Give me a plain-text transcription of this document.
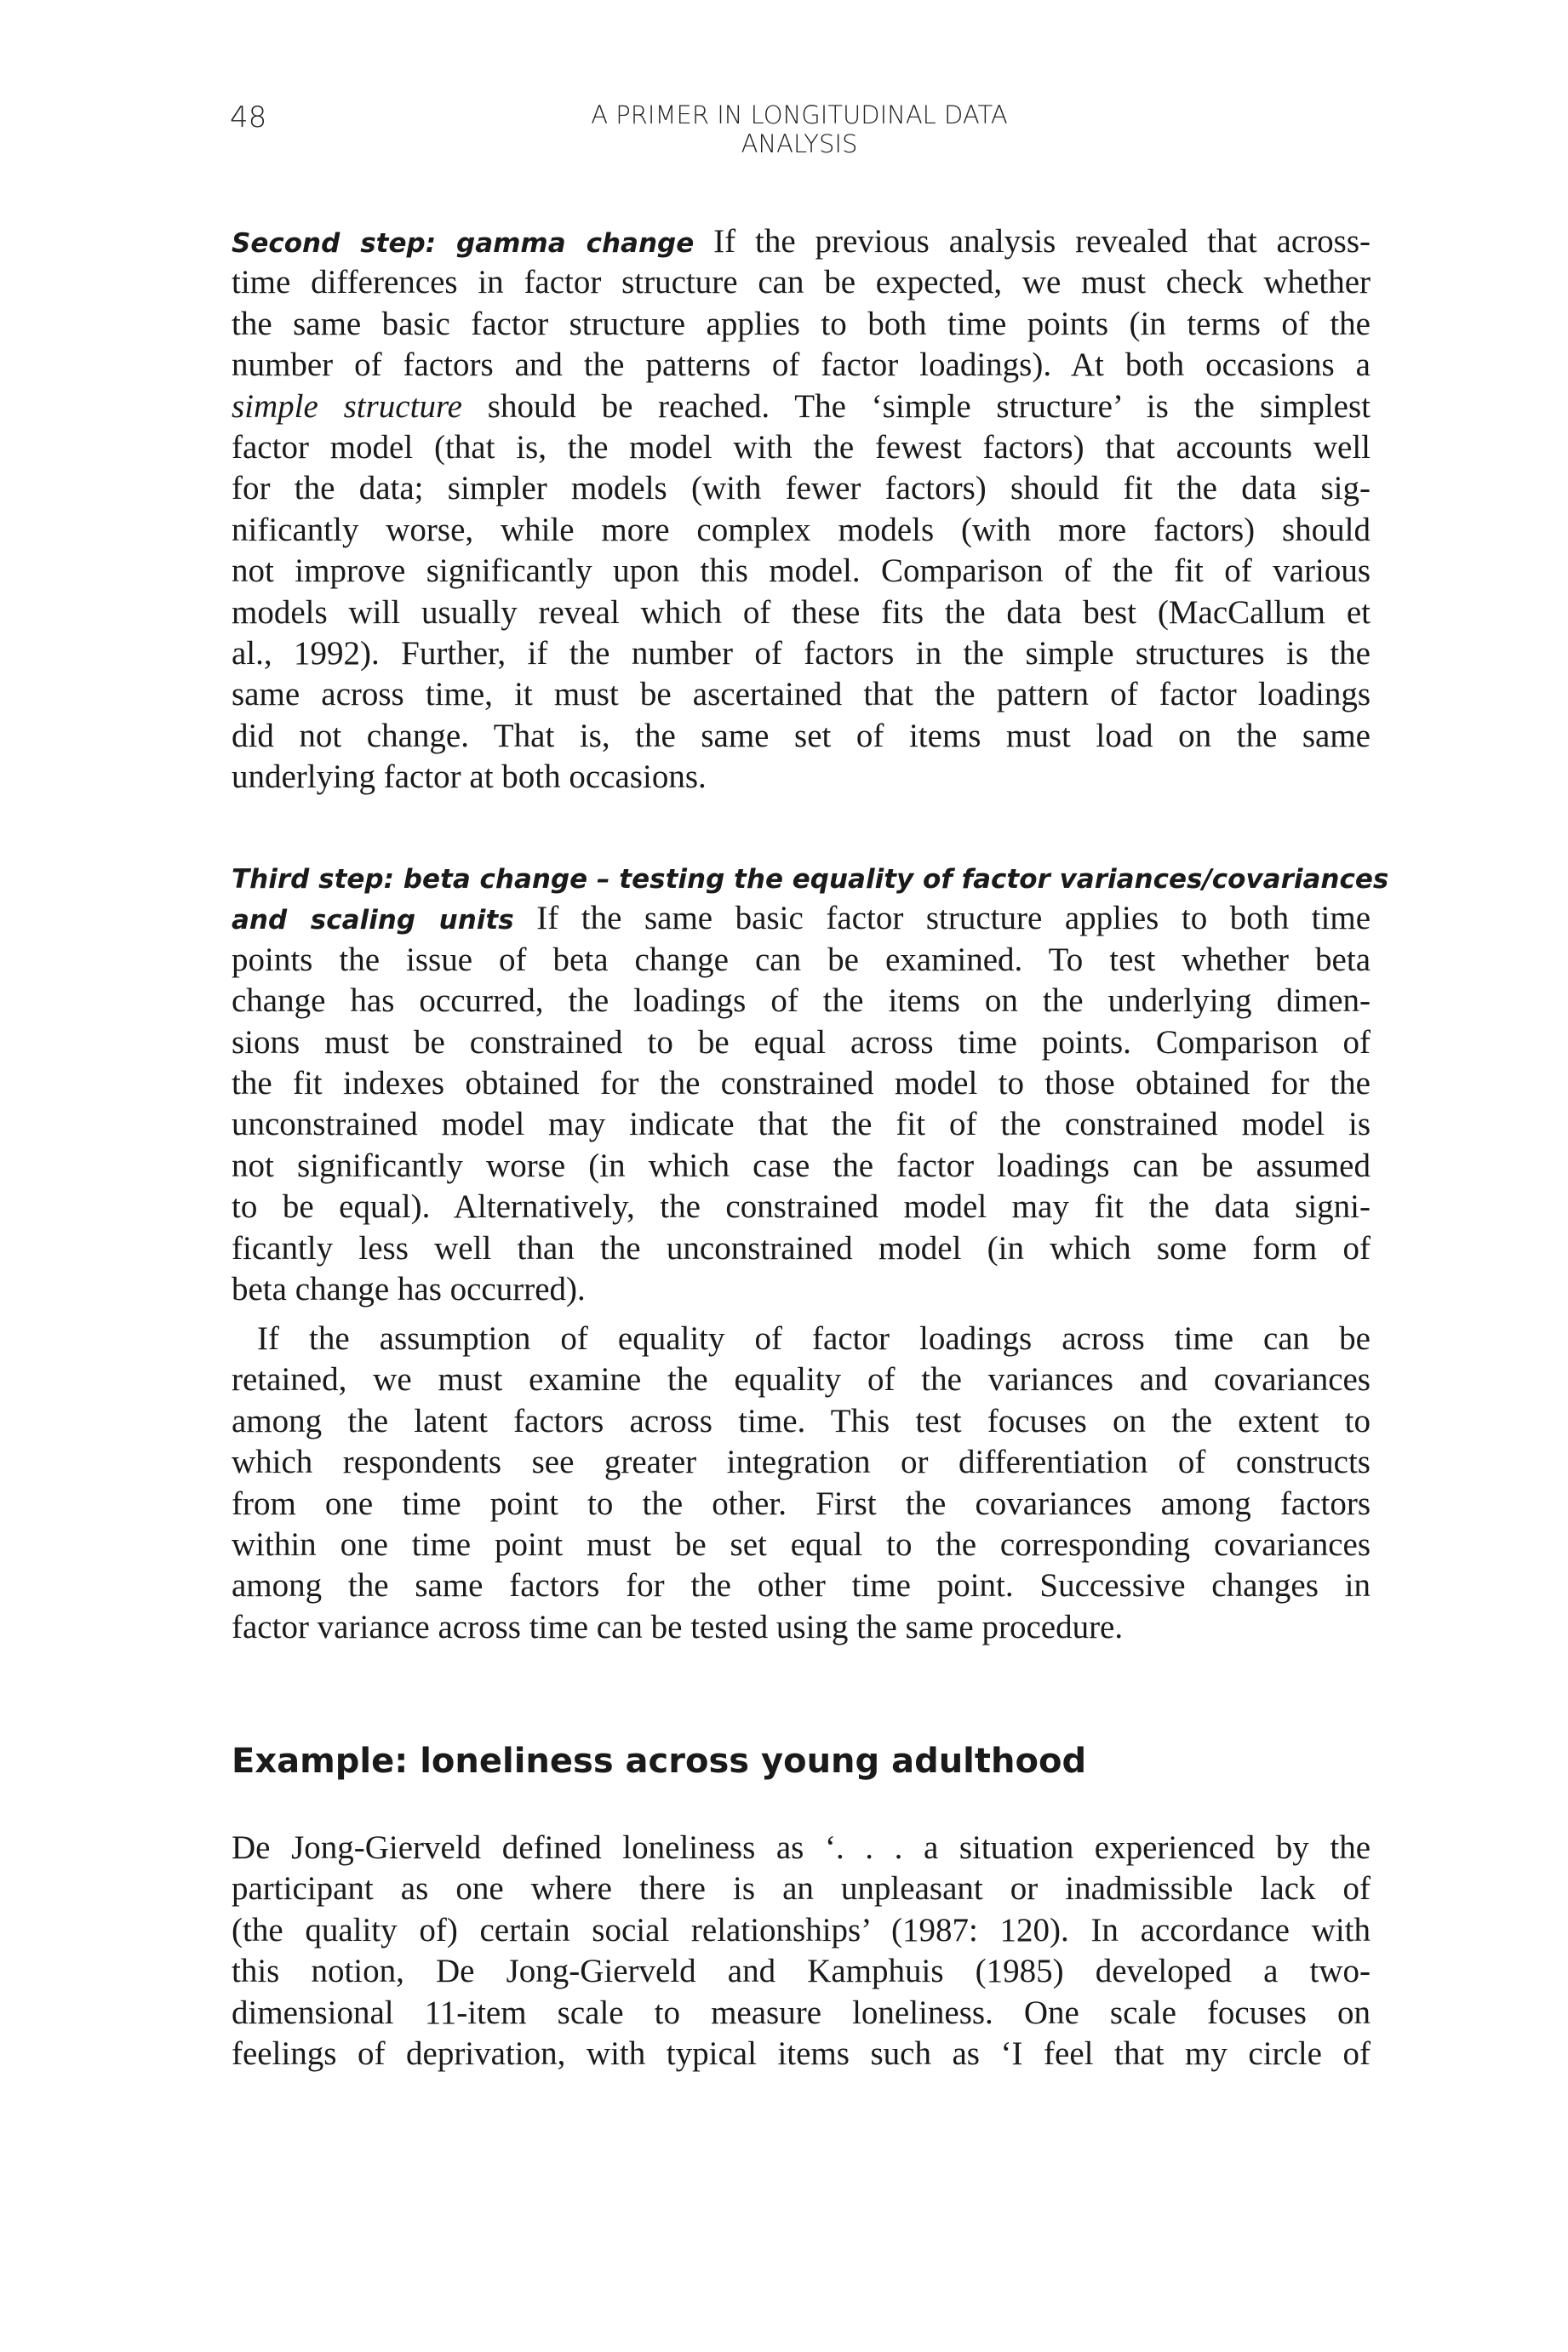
48	A PRIMER IN LONGITUDINAL DATA ANALYSIS
Second step: gamma change If the previous analysis revealed that across-
time differences in factor structure can be expected, we must check whether
the same basic factor structure applies to both time points (in terms of the
number of factors and the patterns of factor loadings). At both occasions a
simple structure should be reached. The ‘simple structure’ is the simplest
factor model (that is, the model with the fewest factors) that accounts well
for the data; simpler models (with fewer factors) should fit the data sig-
nificantly worse, while more complex models (with more factors) should
not improve significantly upon this model. Comparison of the fit of various
models will usually reveal which of these fits the data best (MacCallum et
al., 1992). Further, if the number of factors in the simple structures is the
same across time, it must be ascertained that the pattern of factor loadings
did not change. That is, the same set of items must load on the same
underlying factor at both occasions.
Third step: beta change – testing the equality of factor variances/covariances
and scaling units If the same basic factor structure applies to both time
points the issue of beta change can be examined. To test whether beta
change has occurred, the loadings of the items on the underlying dimen-
sions must be constrained to be equal across time points. Comparison of
the fit indexes obtained for the constrained model to those obtained for the
unconstrained model may indicate that the fit of the constrained model is
not significantly worse (in which case the factor loadings can be assumed
to be equal). Alternatively, the constrained model may fit the data signi-
ficantly less well than the unconstrained model (in which some form of
beta change has occurred).
If the assumption of equality of factor loadings across time can be
retained, we must examine the equality of the variances and covariances
among the latent factors across time. This test focuses on the extent to
which respondents see greater integration or differentiation of constructs
from one time point to the other. First the covariances among factors
within one time point must be set equal to the corresponding covariances
among the same factors for the other time point. Successive changes in
factor variance across time can be tested using the same procedure.
Example: loneliness across young adulthood
De Jong-Gierveld defined loneliness as ‘. . . a situation experienced by the
participant as one where there is an unpleasant or inadmissible lack of
(the quality of) certain social relationships’ (1987: 120). In accordance with
this notion, De Jong-Gierveld and Kamphuis (1985) developed a two-
dimensional 11-item scale to measure loneliness. One scale focuses on
feelings of deprivation, with typical items such as ‘I feel that my circle of
